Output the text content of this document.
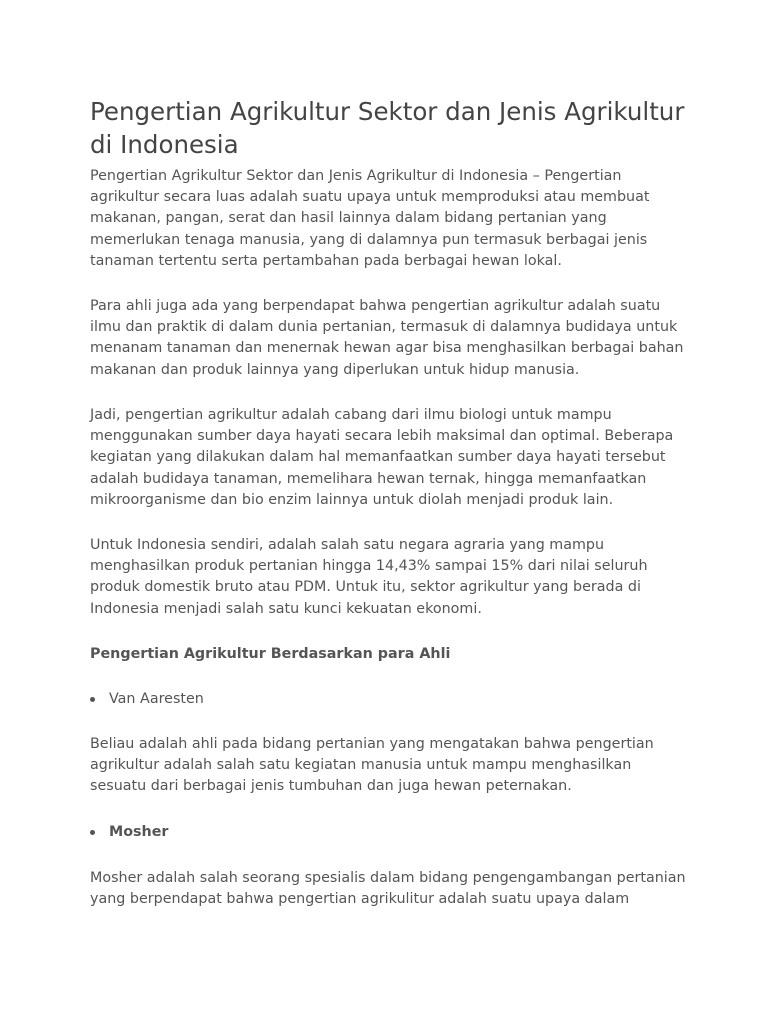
Pengertian Agrikultur Sektor dan Jenis Agrikultur di Indonesia

Pengertian Agrikultur Sektor dan Jenis Agrikultur di Indonesia – Pengertian agrikultur secara luas adalah suatu upaya untuk memproduksi atau membuat makanan, pangan, serat dan hasil lainnya dalam bidang pertanian yang memerlukan tenaga manusia, yang di dalamnya pun termasuk berbagai jenis tanaman tertentu serta pertambahan pada berbagai hewan lokal.

Para ahli juga ada yang berpendapat bahwa pengertian agrikultur adalah suatu ilmu dan praktik di dalam dunia pertanian, termasuk di dalamnya budidaya untuk menanam tanaman dan menernak hewan agar bisa menghasilkan berbagai bahan makanan dan produk lainnya yang diperlukan untuk hidup manusia.

Jadi, pengertian agrikultur adalah cabang dari ilmu biologi untuk mampu menggunakan sumber daya hayati secara lebih maksimal dan optimal. Beberapa kegiatan yang dilakukan dalam hal memanfaatkan sumber daya hayati tersebut adalah budidaya tanaman, memelihara hewan ternak, hingga memanfaatkan mikroorganisme dan bio enzim lainnya untuk diolah menjadi produk lain.

Untuk Indonesia sendiri, adalah salah satu negara agraria yang mampu menghasilkan produk pertanian hingga 14,43% sampai 15% dari nilai seluruh produk domestik bruto atau PDM. Untuk itu, sektor agrikultur yang berada di Indonesia menjadi salah satu kunci kekuatan ekonomi.

Pengertian Agrikultur Berdasarkan para Ahli
Van Aaresten

Beliau adalah ahli pada bidang pertanian yang mengatakan bahwa pengertian agrikultur adalah salah satu kegiatan manusia untuk mampu menghasilkan sesuatu dari berbagai jenis tumbuhan dan juga hewan peternakan.

Mosher

Mosher adalah salah seorang spesialis dalam bidang pengengambangan pertanian yang berpendapat bahwa pengertian agrikulitur adalah suatu upaya dalam
